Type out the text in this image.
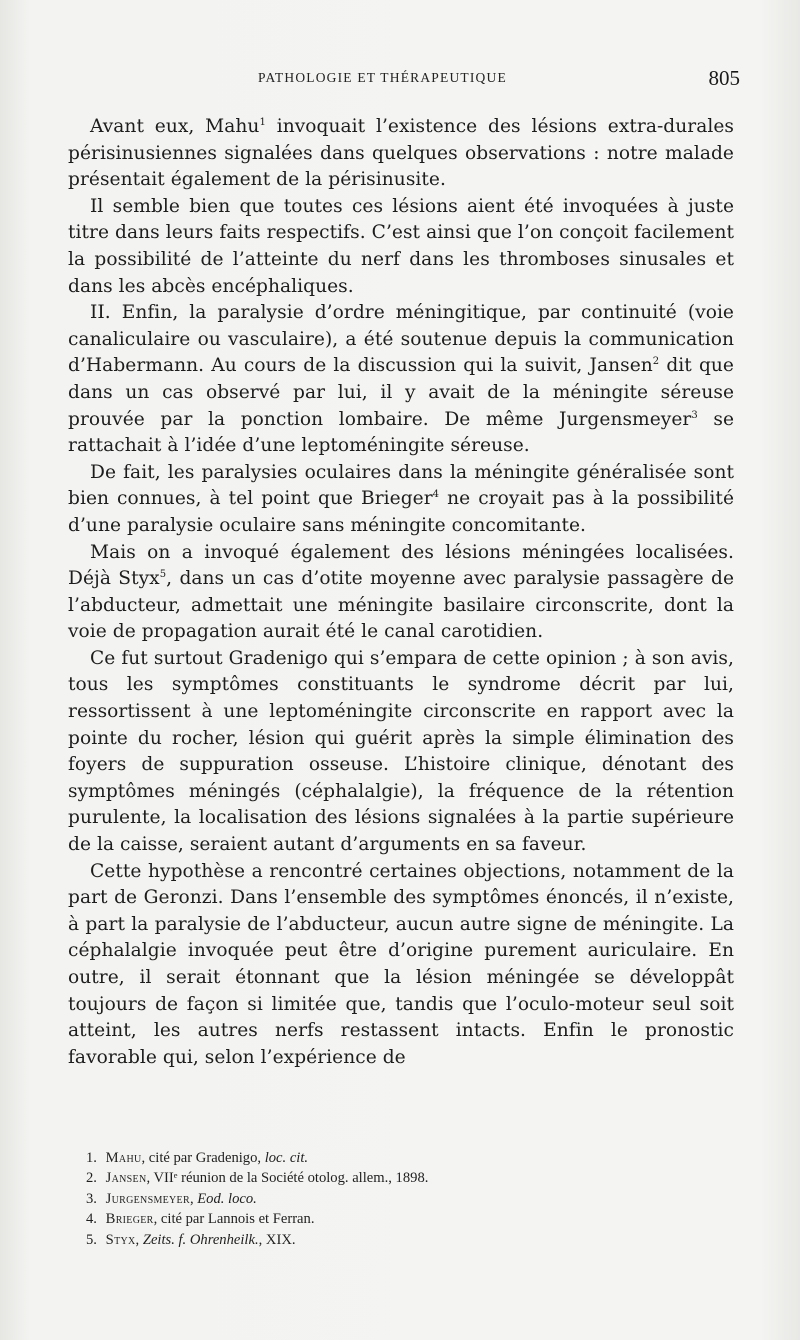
PATHOLOGIE ET THÉRAPEUTIQUE	805

Avant eux, Mahu$^1$ invoquait l’existence des lésions extra-durales périsinusiennes signalées dans quelques observations : notre malade présentait également de la périsinusite.

Il semble bien que toutes ces lésions aient été invoquées à juste titre dans leurs faits respectifs. C’est ainsi que l’on conçoit facilement la possibilité de l’atteinte du nerf dans les thromboses sinusales et dans les abcès encéphaliques.

II. Enfin, la paralysie d’ordre méningitique, par continuité (voie canaliculaire ou vasculaire), a été soutenue depuis la communication d’Habermann. Au cours de la discussion qui la suivit, Jansen$^2$ dit que dans un cas observé par lui, il y avait de la méningite séreuse prouvée par la ponction lombaire. De même Jurgensmeyer$^3$ se rattachait à l’idée d’une leptoméningite séreuse.

De fait, les paralysies oculaires dans la méningite généralisée sont bien connues, à tel point que Brieger$^4$ ne croyait pas à la possibilité d’une paralysie oculaire sans méningite concomitante.

Mais on a invoqué également des lésions méningées localisées. Déjà Styx$^5$, dans un cas d’otite moyenne avec paralysie passagère de l’abducteur, admettait une méningite basilaire circonscrite, dont la voie de propagation aurait été le canal carotidien.

Ce fut surtout Gradenigo qui s’empara de cette opinion ; à son avis, tous les symptômes constituants le syndrome décrit par lui, ressortissent à une leptoméningite circonscrite en rapport avec la pointe du rocher, lésion qui guérit après la simple élimination des foyers de suppuration osseuse. L’histoire clinique, dénotant des symptômes méningés (céphalalgie), la fréquence de la rétention purulente, la localisation des lésions signalées à la partie supérieure de la caisse, seraient autant d’arguments en sa faveur.

Cette hypothèse a rencontré certaines objections, notamment de la part de Geronzi. Dans l’ensemble des symptômes énoncés, il n’existe, à part la paralysie de l’abducteur, aucun autre signe de méningite. La céphalalgie invoquée peut être d’origine purement auriculaire. En outre, il serait étonnant que la lésion méningée se développât toujours de façon si limitée que, tandis que l’oculo-moteur seul soit atteint, les autres nerfs restassent intacts. Enfin le pronostic favorable qui, selon l’expérience de

1. Mahu, cité par Gradenigo, loc. cit.
2. Jansen, VIIᵉ réunion de la Société otolog. allem., 1898.
3. Jurgensmeyer, Eod. loco.
4. Brieger, cité par Lannois et Ferran.
5. Styx, Zeits. f. Ohrenheilk., XIX.
